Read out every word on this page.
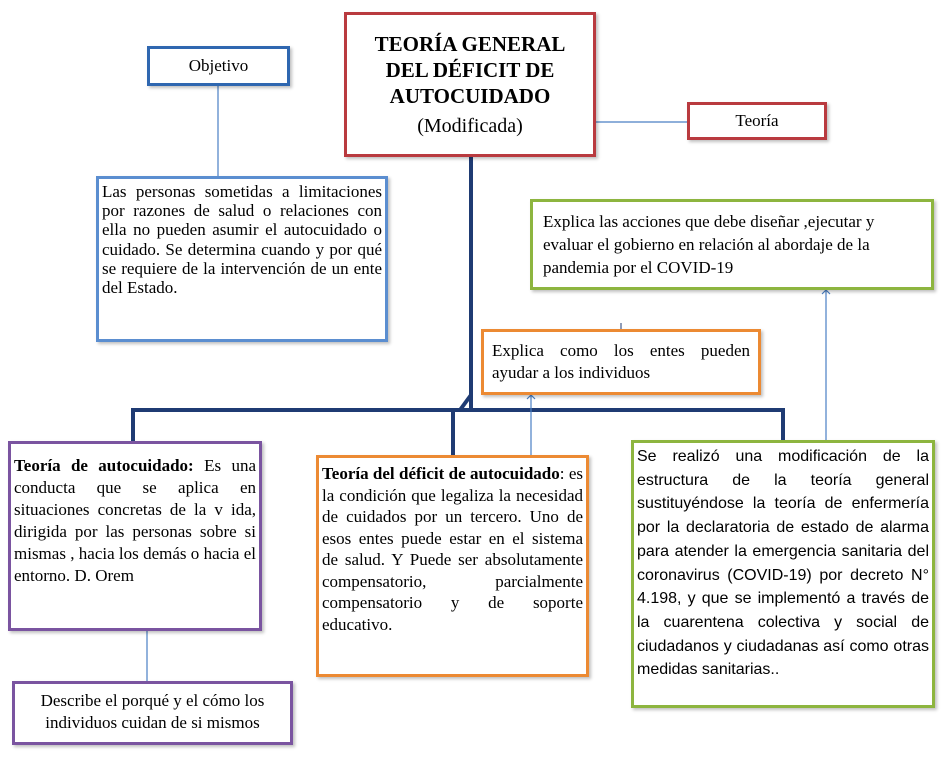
TEORÍA GENERAL DEL DÉFICIT DE AUTOCUIDADO
(Modificada)
Objetivo
Teoría
Las personas sometidas a limitaciones por razones de salud o relaciones con ella no pueden asumir el autocuidado o cuidado. Se determina cuando y por qué se requiere de la intervención de un ente del Estado.
Explica las acciones que debe diseñar ,ejecutar y evaluar el gobierno en relación al abordaje de la pandemia por el COVID-19
Explica como los entes pueden ayudar a los individuos
Teoría de autocuidado: Es una conducta que se aplica en situaciones concretas de la v ida, dirigida por las personas sobre si mismas , hacia los demás o hacia el entorno. D. Orem
Teoría del déficit de autocuidado: es la condición que legaliza la necesidad de cuidados por un tercero. Uno de esos entes puede estar en el sistema de salud. Y Puede ser absolutamente compensatorio, parcialmente compensatorio y de soporte educativo.
Se realizó una modificación de la estructura de la teoría general sustituyéndose la teoría de enfermería por la declaratoria de estado de alarma para atender la emergencia sanitaria del coronavirus (COVID-19) por decreto N° 4.198, y que se implementó a través de la cuarentena colectiva y social de ciudadanos y ciudadanas así como otras medidas sanitarias..
Describe el porqué y el cómo los individuos cuidan de si mismos
